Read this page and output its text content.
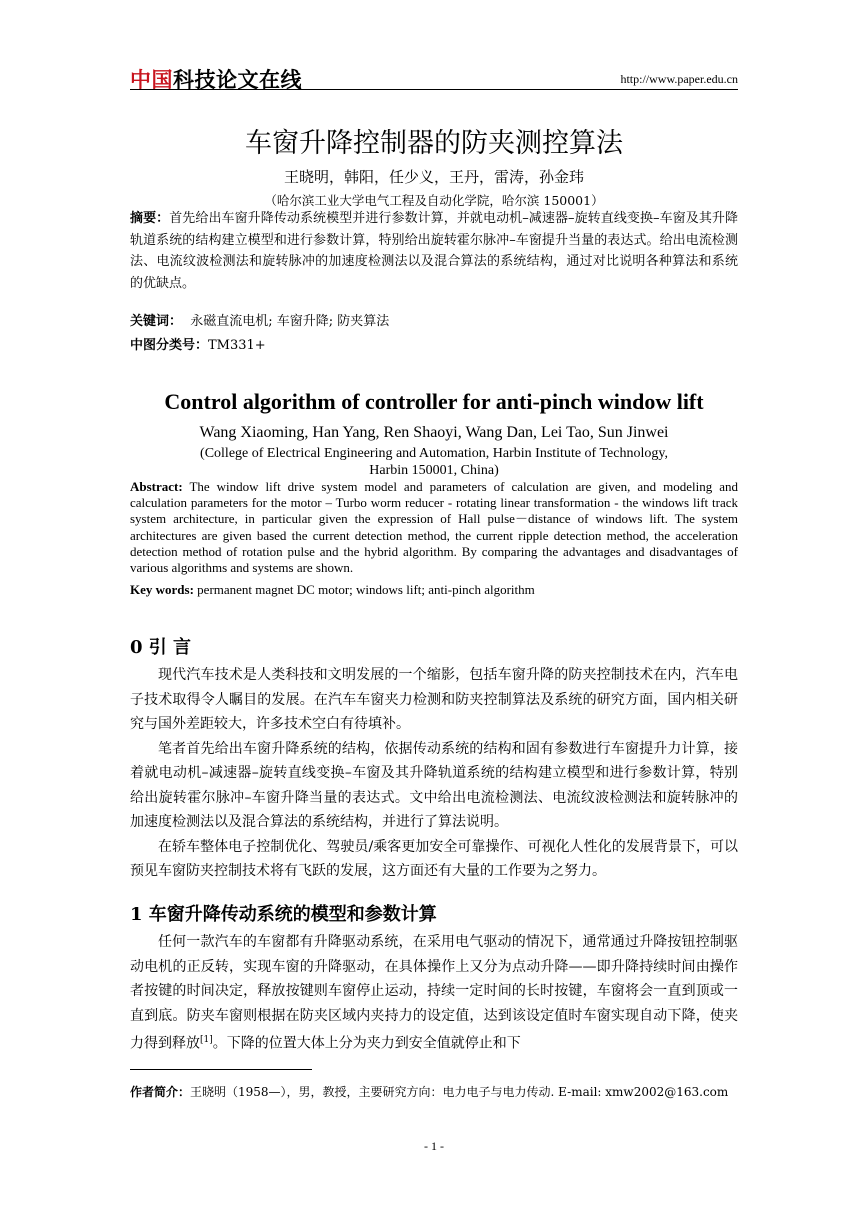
中国科技论文在线	http://www.paper.edu.cn
车窗升降控制器的防夹测控算法
王晓明，韩阳，任少义，王丹，雷涛，孙金玮
（哈尔滨工业大学电气工程及自动化学院，哈尔滨 150001）
摘要：首先给出车窗升降传动系统模型并进行参数计算，并就电动机–减速器–旋转直线变换–车窗及其升降轨道系统的结构建立模型和进行参数计算，特别给出旋转霍尔脉冲–车窗提升当量的表达式。给出电流检测法、电流纹波检测法和旋转脉冲的加速度检测法以及混合算法的系统结构，通过对比说明各种算法和系统的优缺点。
关键词： 永磁直流电机; 车窗升降; 防夹算法
中图分类号：TM331+
Control algorithm of controller for anti-pinch window lift
Wang Xiaoming, Han Yang, Ren Shaoyi, Wang Dan, Lei Tao, Sun Jinwei
(College of Electrical Engineering and Automation, Harbin Institute of Technology, Harbin 150001, China)
Abstract: The window lift drive system model and parameters of calculation are given, and modeling and calculation parameters for the motor – Turbo worm reducer - rotating linear transformation - the windows lift track system architecture, in particular given the expression of Hall pulse－distance of windows lift. The system architectures are given based the current detection method, the current ripple detection method, the acceleration detection method of rotation pulse and the hybrid algorithm. By comparing the advantages and disadvantages of various algorithms and systems are shown.
Key words: permanent magnet DC motor; windows lift; anti-pinch algorithm
0 引 言

现代汽车技术是人类科技和文明发展的一个缩影，包括车窗升降的防夹控制技术在内，汽车电子技术取得令人瞩目的发展。在汽车车窗夹力检测和防夹控制算法及系统的研究方面，国内相关研究与国外差距较大，许多技术空白有待填补。

笔者首先给出车窗升降系统的结构，依据传动系统的结构和固有参数进行车窗提升力计算，接着就电动机–减速器–旋转直线变换–车窗及其升降轨道系统的结构建立模型和进行参数计算，特别给出旋转霍尔脉冲–车窗升降当量的表达式。文中给出电流检测法、电流纹波检测法和旋转脉冲的加速度检测法以及混合算法的系统结构，并进行了算法说明。

在轿车整体电子控制优化、驾驶员/乘客更加安全可靠操作、可视化人性化的发展背景下，可以预见车窗防夹控制技术将有飞跃的发展，这方面还有大量的工作要为之努力。

1 车窗升降传动系统的模型和参数计算

任何一款汽车的车窗都有升降驱动系统，在采用电气驱动的情况下，通常通过升降按钮控制驱动电机的正反转，实现车窗的升降驱动，在具体操作上又分为点动升降——即升降持续时间由操作者按键的时间决定，释放按键则车窗停止运动，持续一定时间的长时按键，车窗将会一直到顶或一直到底。防夹车窗则根据在防夹区域内夹持力的设定值，达到该设定值时车窗实现自动下降，使夹力得到释放[1]。下降的位置大体上分为夹力到安全值就停止和下

作者简介：王晓明（1958—），男，教授，主要研究方向：电力电子与电力传动. E-mail: xmw2002@163.com
- 1 -
